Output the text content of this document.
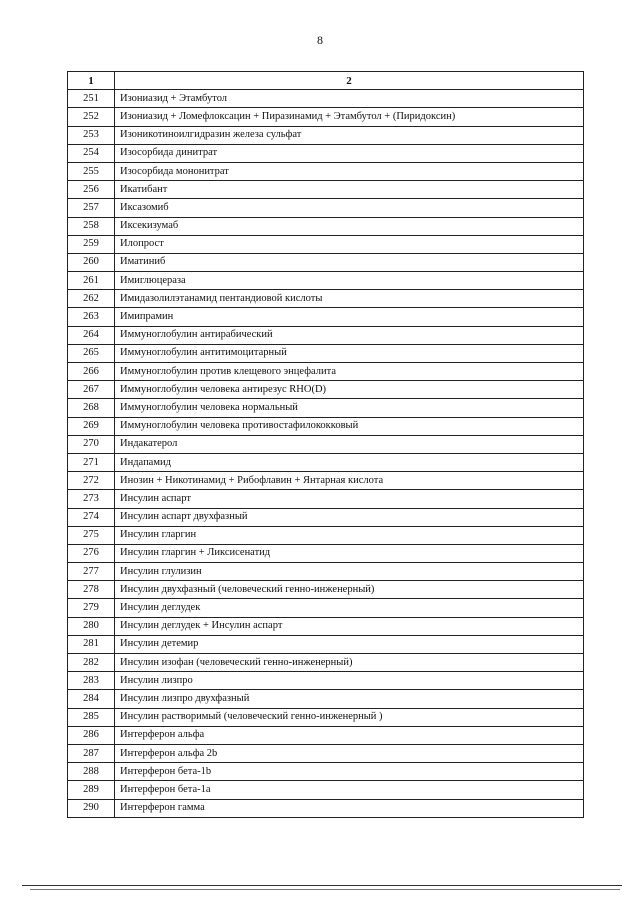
8
1	2
251	Изониазид + Этамбутол
252	Изониазид + Ломефлоксацин + Пиразинамид + Этамбутол + (Пиридоксин)
253	Изоникотиноилгидразин железа сульфат
254	Изосорбида динитрат
255	Изосорбида мононитрат
256	Икатибант
257	Иксазомиб
258	Иксекизумаб
259	Илопрост
260	Иматиниб
261	Имиглюцераза
262	Имидазолилэтанамид пентандиовой кислоты
263	Имипрамин
264	Иммуноглобулин антирабический
265	Иммуноглобулин антитимоцитарный
266	Иммуноглобулин против клещевого энцефалита
267	Иммуноглобулин человека антирезус RHO(D)
268	Иммуноглобулин человека нормальный
269	Иммуноглобулин человека противостафилококковый
270	Индакатерол
271	Индапамид
272	Инозин + Никотинамид + Рибофлавин + Янтарная кислота
273	Инсулин аспарт
274	Инсулин аспарт двухфазный
275	Инсулин гларгин
276	Инсулин гларгин + Ликсисенатид
277	Инсулин глулизин
278	Инсулин двухфазный (человеческий генно-инженерный)
279	Инсулин деглудек
280	Инсулин деглудек + Инсулин аспарт
281	Инсулин детемир
282	Инсулин изофан (человеческий генно-инженерный)
283	Инсулин лизпро
284	Инсулин лизпро двухфазный
285	Инсулин растворимый (человеческий генно-инженерный )
286	Интерферон альфа
287	Интерферон альфа 2b
288	Интерферон бета-1b
289	Интерферон бета-1a
290	Интерферон гамма
